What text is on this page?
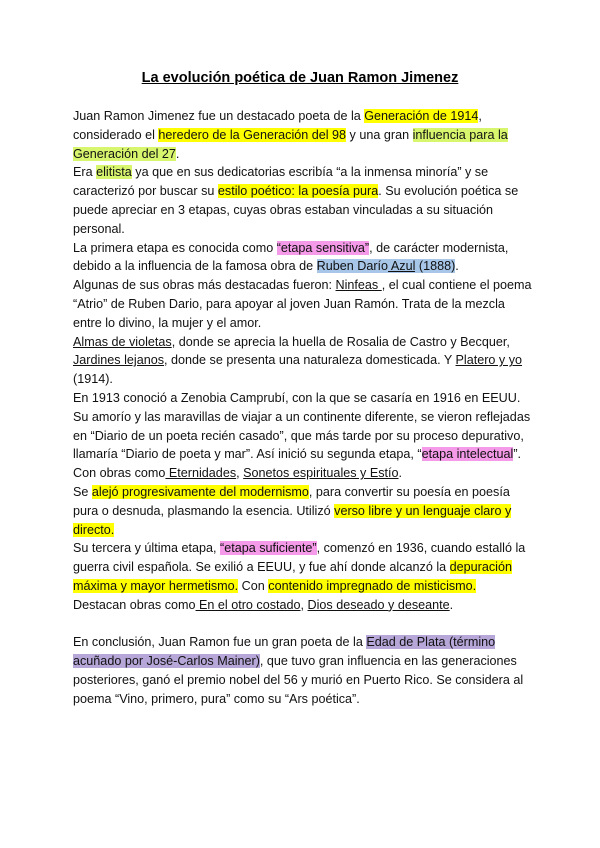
La evolución poética de Juan Ramon Jimenez

Juan Ramon Jimenez fue un destacado poeta de la Generación de 1914, considerado el heredero de la Generación del 98 y una gran influencia para la Generación del 27.

Era elitista ya que en sus dedicatorias escribía “a la inmensa minoría” y se caracterizó por buscar su estilo poético: la poesía pura. Su evolución poética se puede apreciar en 3 etapas, cuyas obras estaban vinculadas a su situación personal.

La primera etapa es conocida como “etapa sensitiva”, de carácter modernista, debido a la influencia de la famosa obra de Ruben Darío Azul (1888).

Algunas de sus obras más destacadas fueron: Ninfeas , el cual contiene el poema “Atrio” de Ruben Dario, para apoyar al joven Juan Ramón. Trata de la mezcla entre lo divino, la mujer y el amor.

Almas de violetas, donde se aprecia la huella de Rosalia de Castro y Becquer, Jardines lejanos, donde se presenta una naturaleza domesticada. Y Platero y yo (1914).

En 1913 conoció a Zenobia Camprubí, con la que se casaría en 1916 en EEUU. Su amorío y las maravillas de viajar a un continente diferente, se vieron reflejadas en “Diario de un poeta recién casado”, que más tarde por su proceso depurativo, llamaría “Diario de poeta y mar”. Así inició su segunda etapa, “etapa intelectual”. Con obras como Eternidades, Sonetos espirituales y Estío.

Se alejó progresivamente del modernismo, para convertir su poesía en poesía pura o desnuda, plasmando la esencia. Utilizó verso libre y un lenguaje claro y directo.

Su tercera y última etapa, “etapa suficiente”, comenzó en 1936, cuando estalló la guerra civil española. Se exilió a EEUU, y fue ahí donde alcanzó la depuración máxima y mayor hermetismo. Con contenido impregnado de misticismo.

Destacan obras como En el otro costado, Dios deseado y deseante.

En conclusión, Juan Ramon fue un gran poeta de la Edad de Plata (término acuñado por José-Carlos Mainer), que tuvo gran influencia en las generaciones posteriores, ganó el premio nobel del 56 y murió en Puerto Rico. Se considera al poema “Vino, primero, pura” como su “Ars poética”.
